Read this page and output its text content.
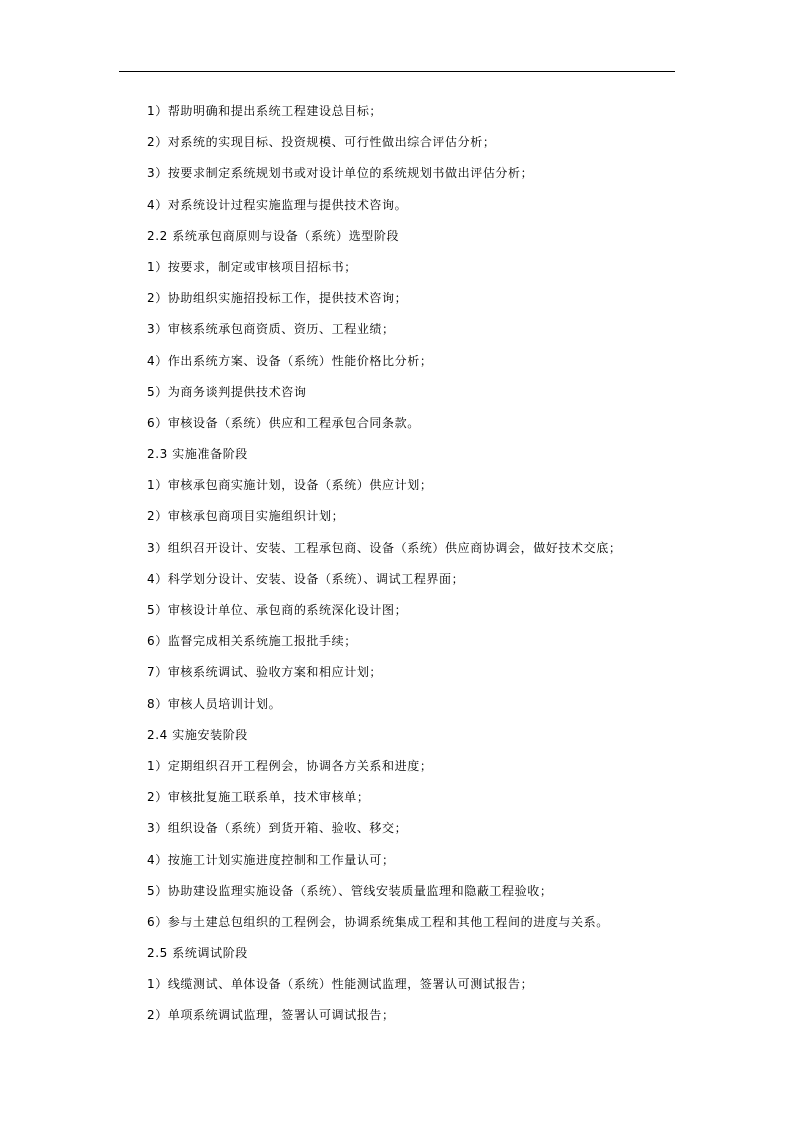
1）帮助明确和提出系统工程建设总目标；
2）对系统的实现目标、投资规模、可行性做出综合评估分析；
3）按要求制定系统规划书或对设计单位的系统规划书做出评估分析；
4）对系统设计过程实施监理与提供技术咨询。
2.2 系统承包商原则与设备（系统）选型阶段
1）按要求，制定或审核项目招标书；
2）协助组织实施招投标工作，提供技术咨询；
3）审核系统承包商资质、资历、工程业绩；
4）作出系统方案、设备（系统）性能价格比分析；
5）为商务谈判提供技术咨询
6）审核设备（系统）供应和工程承包合同条款。
2.3 实施准备阶段
1）审核承包商实施计划，设备（系统）供应计划；
2）审核承包商项目实施组织计划；
3）组织召开设计、安装、工程承包商、设备（系统）供应商协调会，做好技术交底；
4）科学划分设计、安装、设备（系统）、调试工程界面；
5）审核设计单位、承包商的系统深化设计图；
6）监督完成相关系统施工报批手续；
7）审核系统调试、验收方案和相应计划；
8）审核人员培训计划。
2.4 实施安装阶段
1）定期组织召开工程例会，协调各方关系和进度；
2）审核批复施工联系单，技术审核单；
3）组织设备（系统）到货开箱、验收、移交；
4）按施工计划实施进度控制和工作量认可；
5）协助建设监理实施设备（系统）、管线安装质量监理和隐蔽工程验收；
6）参与土建总包组织的工程例会，协调系统集成工程和其他工程间的进度与关系。
2.5 系统调试阶段
1）线缆测试、单体设备（系统）性能测试监理，签署认可测试报告；
2）单项系统调试监理，签署认可调试报告；
